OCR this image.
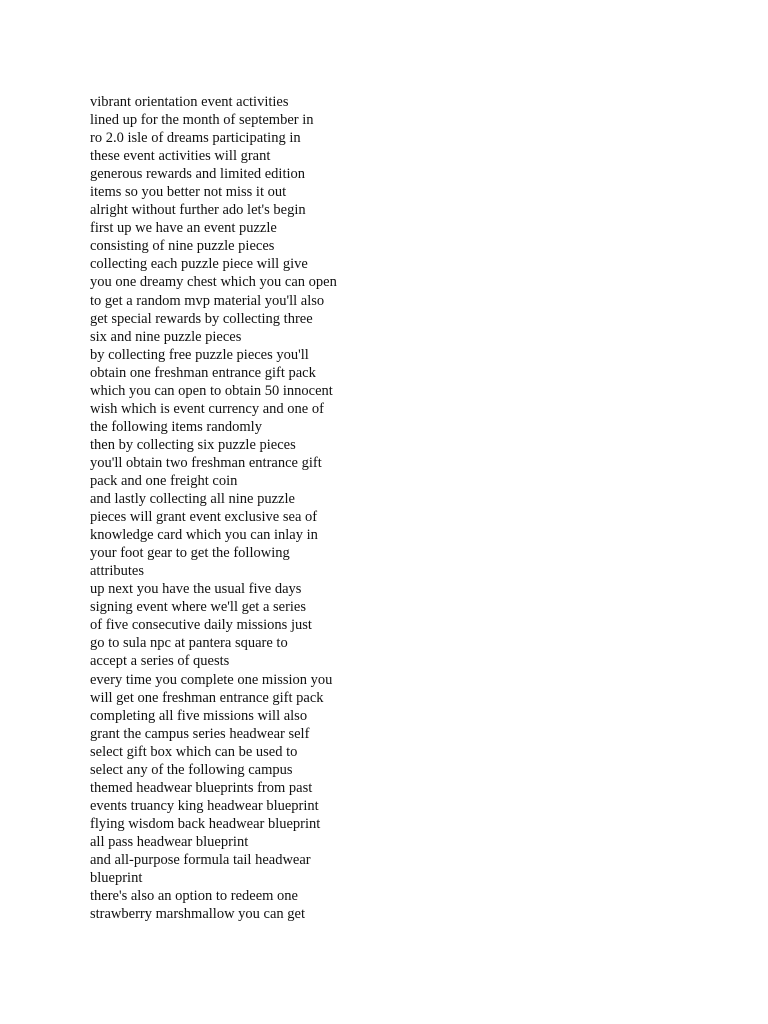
vibrant orientation event activities
lined up for the month of september in
ro 2.0 isle of dreams participating in
these event activities will grant
generous rewards and limited edition
items so you better not miss it out
alright without further ado let's begin
first up we have an event puzzle
consisting of nine puzzle pieces
collecting each puzzle piece will give
you one dreamy chest which you can open
to get a random mvp material you'll also
get special rewards by collecting three
six and nine puzzle pieces
by collecting free puzzle pieces you'll
obtain one freshman entrance gift pack
which you can open to obtain 50 innocent
wish which is event currency and one of
the following items randomly
then by collecting six puzzle pieces
you'll obtain two freshman entrance gift
pack and one freight coin
and lastly collecting all nine puzzle
pieces will grant event exclusive sea of
knowledge card which you can inlay in
your foot gear to get the following
attributes
up next you have the usual five days
signing event where we'll get a series
of five consecutive daily missions just
go to sula npc at pantera square to
accept a series of quests
every time you complete one mission you
will get one freshman entrance gift pack
completing all five missions will also
grant the campus series headwear self
select gift box which can be used to
select any of the following campus
themed headwear blueprints from past
events truancy king headwear blueprint
flying wisdom back headwear blueprint
all pass headwear blueprint
and all-purpose formula tail headwear
blueprint
there's also an option to redeem one
strawberry marshmallow you can get
